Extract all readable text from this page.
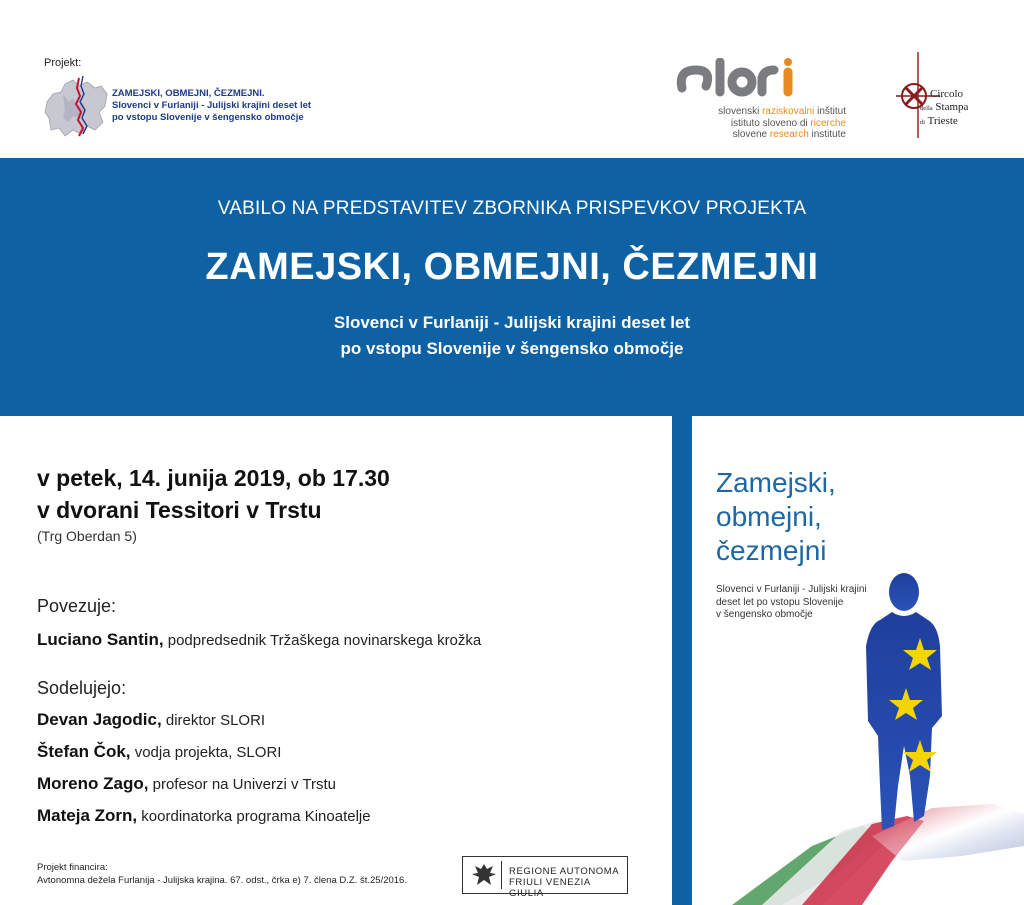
Projekt:
ZAMEJSKI, OBMEJNI, ČEZMEJNI.
Slovenci v Furlaniji - Julijski krajini deset let
po vstopu Slovenije v šengensko območje
slovenski raziskovalni inštitut
istituto sloveno di ricerche
slovene research institute
Circolo
della Stampa
di Trieste
VABILO NA PREDSTAVITEV ZBORNIKA PRISPEVKOV PROJEKTA
ZAMEJSKI, OBMEJNI, ČEZMEJNI
Slovenci v Furlaniji - Julijski krajini deset let
po vstopu Slovenije v šengensko območje
v petek, 14. junija 2019, ob 17.30
v dvorani Tessitori v Trstu
(Trg Oberdan 5)
Povezuje:
Luciano Santin, podpredsednik Tržaškega novinarskega krožka
Sodelujejo:
Devan Jagodic, direktor SLORI
Štefan Čok, vodja projekta, SLORI
Moreno Zago, profesor na Univerzi v Trstu
Mateja Zorn, koordinatorka programa Kinoatelje
Projekt financira:
Avtonomna dežela Furlanija - Julijska krajina. 67. odst., črka e) 7. člena D.Z. št.25/2016.
REGIONE AUTONOMA
FRIULI VENEZIA GIULIA
Zamejski,
obmejni,
čezmejni
Slovenci v Furlaniji - Julijski krajini
deset let po vstopu Slovenije
v šengensko območje
